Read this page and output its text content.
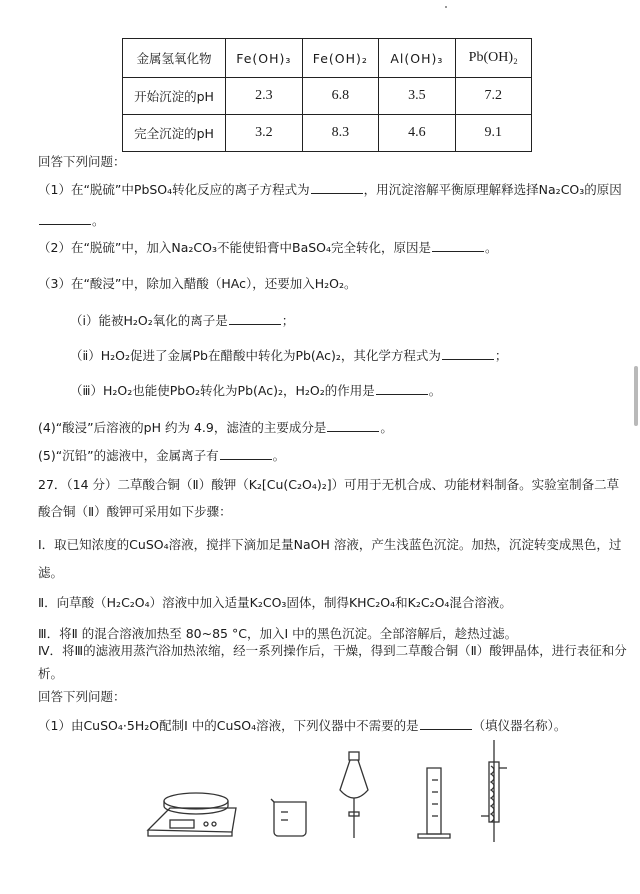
金属氢氧化物	Fe(OH)₃	Fe(OH)₂	Al(OH)₃	Pb(OH)₂
开始沉淀的pH	2.3	6.8	3.5	7.2
完全沉淀的pH	3.2	8.3	4.6	9.1
回答下列问题：
（1）在“脱硫”中PbSO₄转化反应的离子方程式为	，用沉淀溶解平衡原理解释选择Na₂CO₃的原因
。
（2）在“脱硫”中，加入Na₂CO₃不能使铅膏中BaSO₄完全转化，原因是	。
（3）在“酸浸”中，除加入醋酸（HAc），还要加入H₂O₂。
（ⅰ）能被H₂O₂氧化的离子是	；
（ⅱ）H₂O₂促进了金属Pb在醋酸中转化为Pb(Ac)₂，其化学方程式为	；
（ⅲ）H₂O₂也能使PbO₂转化为Pb(Ac)₂，H₂O₂的作用是	。
(4)“酸浸”后溶液的pH 约为 4.9，滤渣的主要成分是	。
(5)“沉铅”的滤液中，金属离子有	。
27．（14 分）二草酸合铜（Ⅱ）酸钾（K₂[Cu(C₂O₄)₂]）可用于无机合成、功能材料制备。实验室制备二草
酸合铜（Ⅱ）酸钾可采用如下步骤：
Ⅰ．取已知浓度的CuSO₄溶液，搅拌下滴加足量NaOH 溶液，产生浅蓝色沉淀。加热，沉淀转变成黑色，过
滤。
Ⅱ．向草酸（H₂C₂O₄）溶液中加入适量K₂CO₃固体，制得KHC₂O₄和K₂C₂O₄混合溶液。
Ⅲ．将Ⅱ 的混合溶液加热至 80~85 °C，加入Ⅰ 中的黑色沉淀。全部溶解后，趁热过滤。
Ⅳ．将Ⅲ的滤液用蒸汽浴加热浓缩，经一系列操作后，干燥，得到二草酸合铜（Ⅱ）酸钾晶体，进行表征和分
析。
回答下列问题：
（1）由CuSO₄·5H₂O配制Ⅰ 中的CuSO₄溶液，下列仪器中不需要的是	（填仪器名称）。
